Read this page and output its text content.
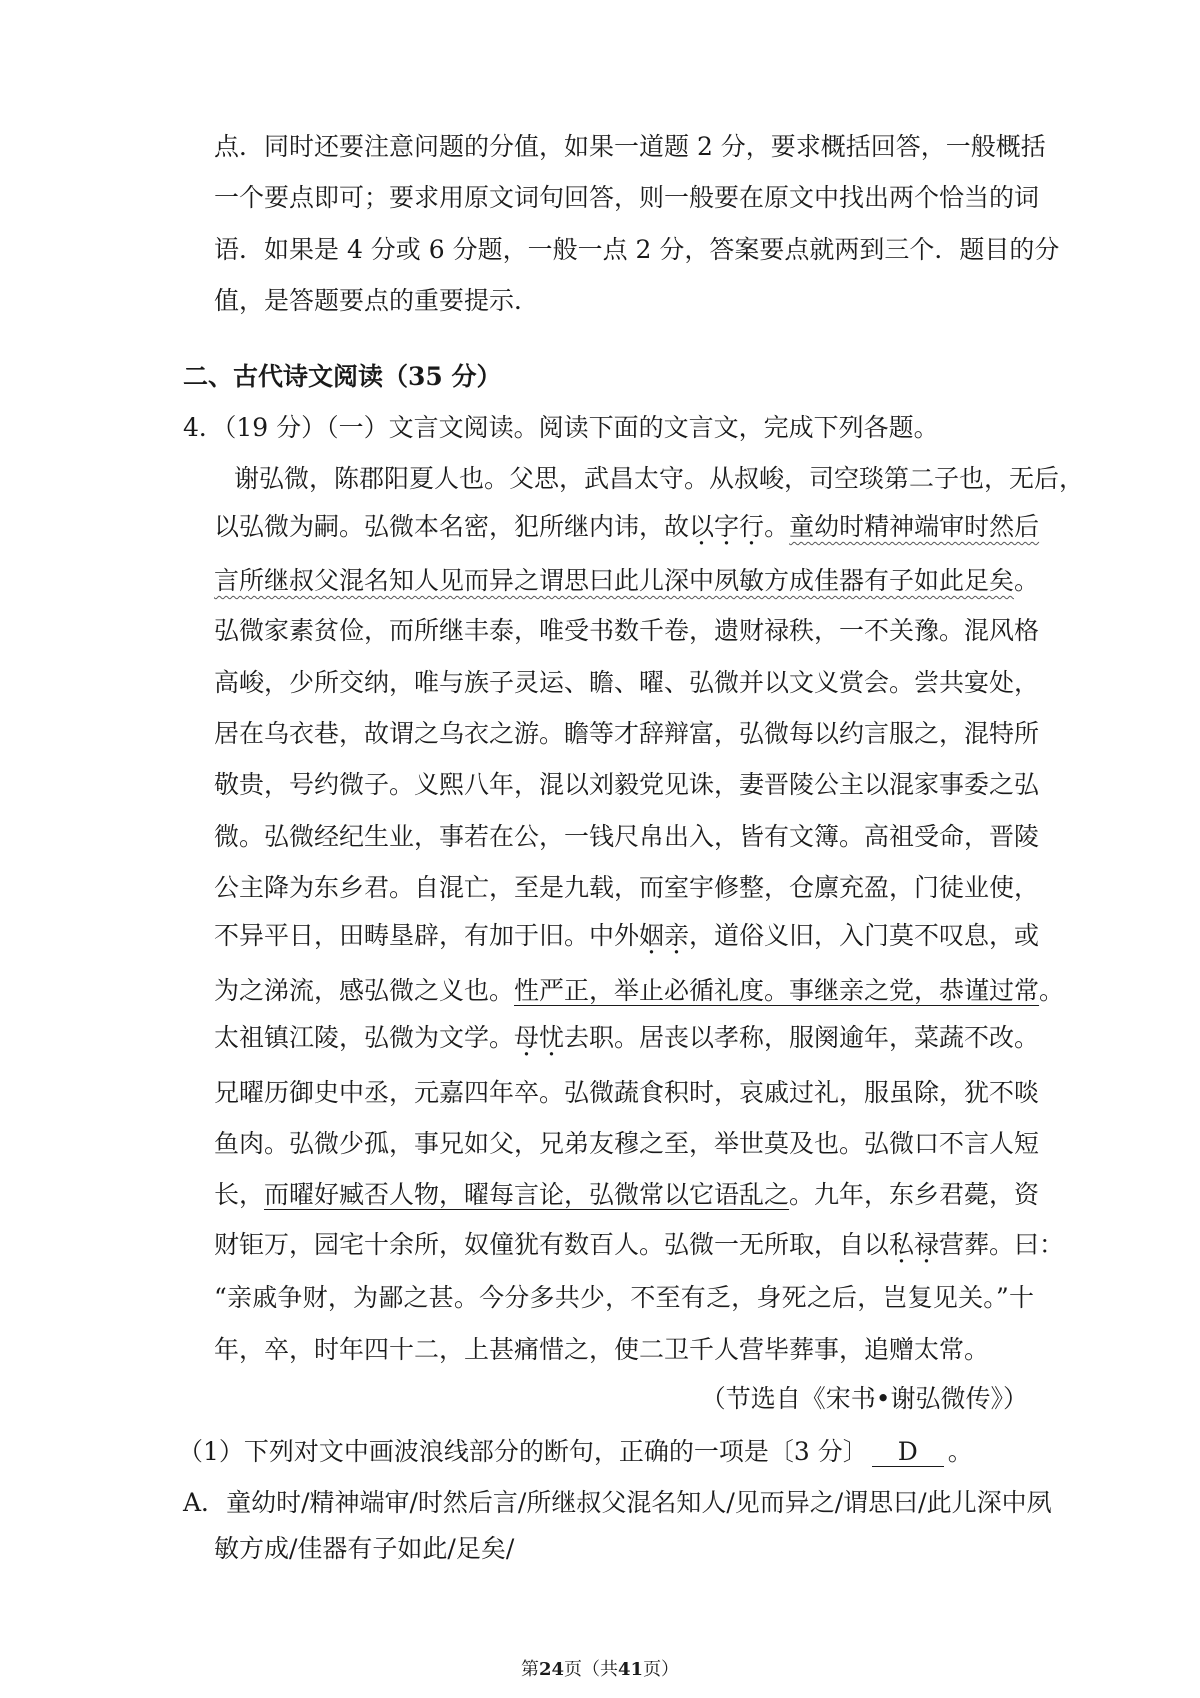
点．同时还要注意问题的分值，如果一道题 2 分，要求概括回答，一般概括
一个要点即可；要求用原文词句回答，则一般要在原文中找出两个恰当的词
语．如果是 4 分或 6 分题，一般一点 2 分，答案要点就两到三个．题目的分
值，是答题要点的重要提示．
二、古代诗文阅读（35 分）
4．（19 分）（一）文言文阅读。阅读下面的文言文，完成下列各题。
谢弘微，陈郡阳夏人也。父思，武昌太守。从叔峻，司空琰第二子也，无后，
以弘微为嗣。弘微本名密，犯所继内讳，故以字行。童幼时精神端审时然后
言所继叔父混名知人见而异之谓思曰此儿深中夙敏方成佳器有子如此足矣。
弘微家素贫俭，而所继丰泰，唯受书数千卷，遗财禄秩，一不关豫。混风格
高峻，少所交纳，唯与族子灵运、瞻、曜、弘微并以文义赏会。尝共宴处，
居在乌衣巷，故谓之乌衣之游。瞻等才辞辩富，弘微每以约言服之，混特所
敬贵，号约微子。义熙八年，混以刘毅党见诛，妻晋陵公主以混家事委之弘
微。弘微经纪生业，事若在公，一钱尺帛出入，皆有文簿。高祖受命，晋陵
公主降为东乡君。自混亡，至是九载，而室宇修整，仓廪充盈，门徒业使，
不异平日，田畴垦辟，有加于旧。中外姻亲，道俗义旧，入门莫不叹息，或
为之涕流，感弘微之义也。性严正，举止必循礼度。事继亲之党，恭谨过常。
太祖镇江陵，弘微为文学。母忧去职。居丧以孝称，服阕逾年，菜蔬不改。
兄曜历御史中丞，元嘉四年卒。弘微蔬食积时，哀戚过礼，服虽除，犹不啖
鱼肉。弘微少孤，事兄如父，兄弟友穆之至，举世莫及也。弘微口不言人短
长，而曜好臧否人物，曜每言论，弘微常以它语乱之。九年，东乡君薨，资
财钜万，园宅十余所，奴僮犹有数百人。弘微一无所取，自以私禄营葬。曰：
“亲戚争财，为鄙之甚。今分多共少，不至有乏，身死之后，岂复见关。”十
年，卒，时年四十二，上甚痛惜之，使二卫千人营毕葬事，追赠太常。
（节选自《宋书•谢弘微传》）
（1）下列对文中画波浪线部分的断句，正确的一项是〔3 分〕 D 。
A．童幼时/精神端审/时然后言/所继叔父混名知人/见而异之/谓思曰/此儿深中夙
敏方成/佳器有子如此/足矣/
第24页（共41页）
